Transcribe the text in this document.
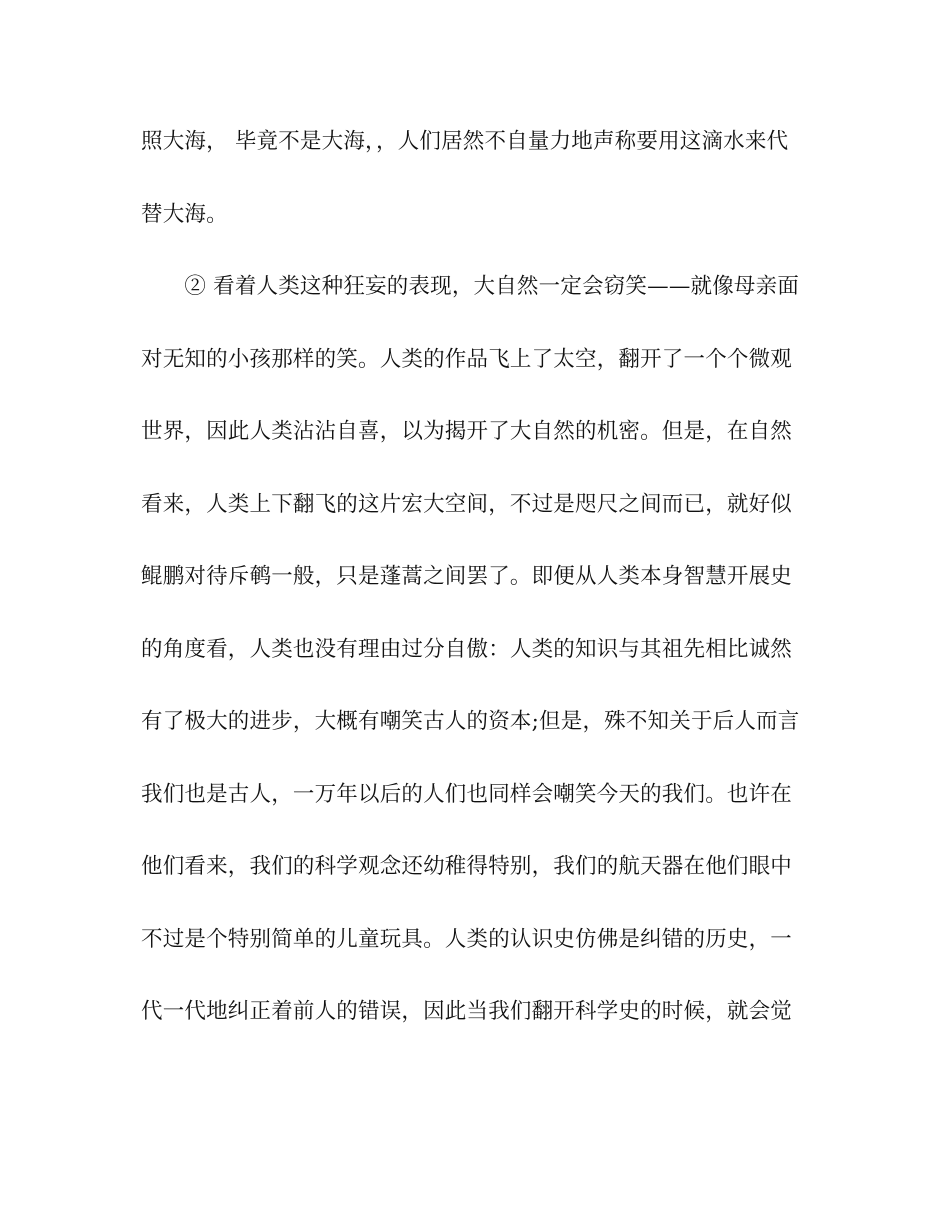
照大海， 毕竟不是大海，，人们居然不自量力地声称要用这滴水来代
替大海。
　　② 看着人类这种狂妄的表现，大自然一定会窃笑——就像母亲面
对无知的小孩那样的笑。人类的作品飞上了太空，翻开了一个个微观
世界，因此人类沾沾自喜，以为揭开了大自然的机密。但是，在自然
看来，人类上下翻飞的这片宏大空间，不过是咫尺之间而已，就好似
鲲鹏对待斥鹌一般，只是蓬蒿之间罢了。即便从人类本身智慧开展史
的角度看，人类也没有理由过分自傲：人类的知识与其祖先相比诚然
有了极大的进步，大概有嘲笑古人的资本;但是，殊不知关于后人而言
我们也是古人，一万年以后的人们也同样会嘲笑今天的我们。也许在
他们看来，我们的科学观念还幼稚得特别，我们的航天器在他们眼中
不过是个特别简单的儿童玩具。人类的认识史仿佛是纠错的历史，一
代一代地纠正着前人的错误，因此当我们翻开科学史的时候，就会觉
